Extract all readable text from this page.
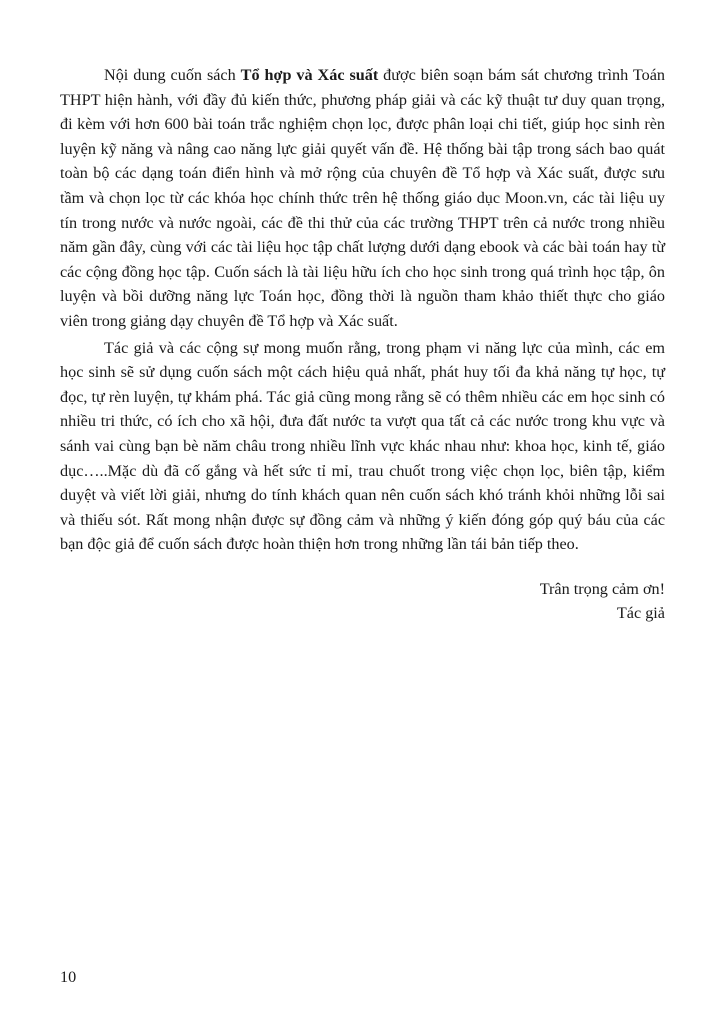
Nội dung cuốn sách Tổ hợp và Xác suất được biên soạn bám sát chương trình Toán THPT hiện hành, với đầy đủ kiến thức, phương pháp giải và các kỹ thuật tư duy quan trọng, đi kèm với hơn 600 bài toán trắc nghiệm chọn lọc, được phân loại chi tiết, giúp học sinh rèn luyện kỹ năng và nâng cao năng lực giải quyết vấn đề. Hệ thống bài tập trong sách bao quát toàn bộ các dạng toán điển hình và mở rộng của chuyên đề Tổ hợp và Xác suất, được sưu tầm và chọn lọc từ các khóa học chính thức trên hệ thống giáo dục Moon.vn, các tài liệu uy tín trong nước và nước ngoài, các đề thi thử của các trường THPT trên cả nước trong nhiều năm gần đây, cùng với các tài liệu học tập chất lượng dưới dạng ebook và các bài toán hay từ các cộng đồng học tập. Cuốn sách là tài liệu hữu ích cho học sinh trong quá trình học tập, ôn luyện và bồi dưỡng năng lực Toán học, đồng thời là nguồn tham khảo thiết thực cho giáo viên trong giảng dạy chuyên đề Tổ hợp và Xác suất.

Tác giả và các cộng sự mong muốn rằng, trong phạm vi năng lực của mình, các em học sinh sẽ sử dụng cuốn sách một cách hiệu quả nhất, phát huy tối đa khả năng tự học, tự đọc, tự rèn luyện, tự khám phá. Tác giả cũng mong rằng sẽ có thêm nhiều các em học sinh có nhiều tri thức, có ích cho xã hội, đưa đất nước ta vượt qua tất cả các nước trong khu vực và sánh vai cùng bạn bè năm châu trong nhiều lĩnh vực khác nhau như: khoa học, kinh tế, giáo dục…..Mặc dù đã cố gắng và hết sức tỉ mỉ, trau chuốt trong việc chọn lọc, biên tập, kiểm duyệt và viết lời giải, nhưng do tính khách quan nên cuốn sách khó tránh khỏi những lỗi sai và thiếu sót. Rất mong nhận được sự đồng cảm và những ý kiến đóng góp quý báu của các bạn độc giả để cuốn sách được hoàn thiện hơn trong những lần tái bản tiếp theo.

Trân trọng cảm ơn!
Tác giả
10
